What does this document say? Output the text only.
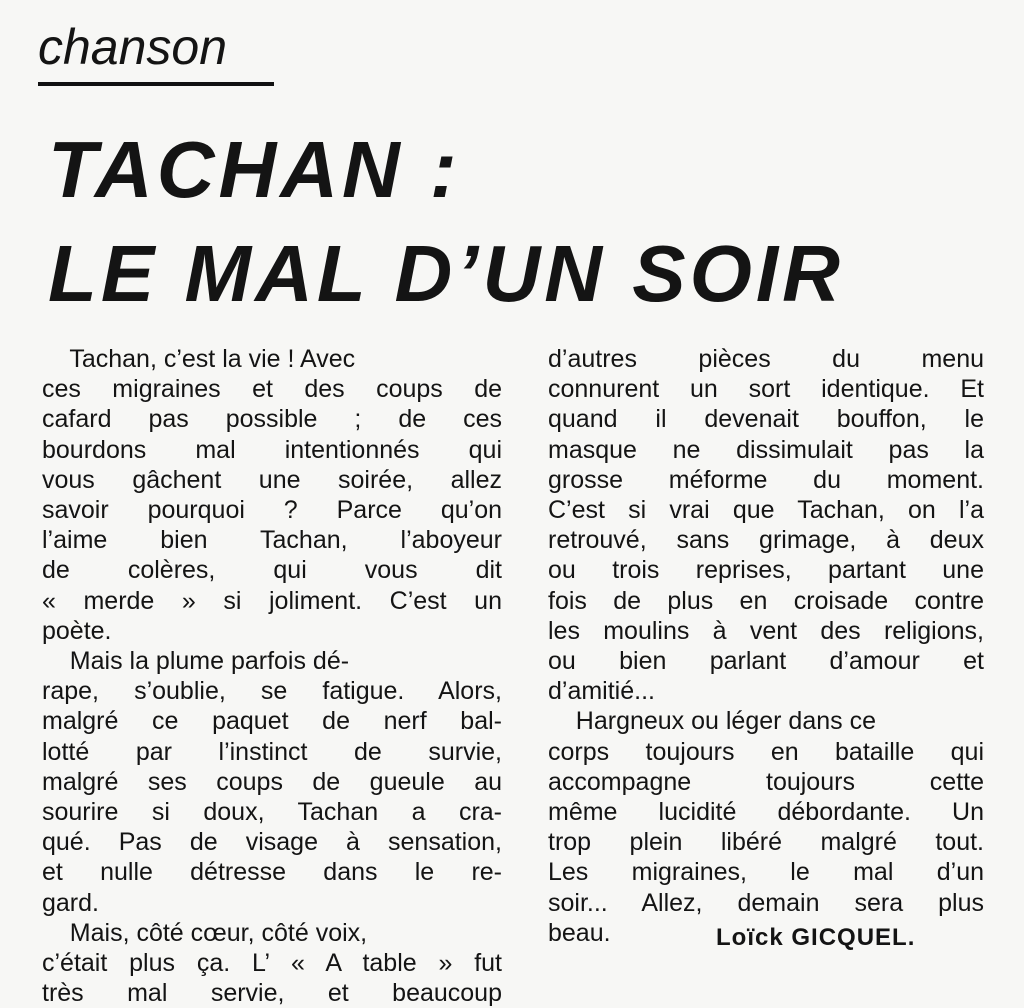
chanson
TACHAN :
LE MAL D’UN SOIR
Tachan, c’est la vie ! Avec
ces migraines et des coups de
cafard pas possible ; de ces
bourdons mal intentionnés qui
vous gâchent une soirée, allez
savoir pourquoi ? Parce qu’on
l’aime bien Tachan, l’aboyeur
de colères, qui vous dit
« merde » si joliment. C’est un
poète.
Mais la plume parfois dé-
rape, s’oublie, se fatigue. Alors,
malgré ce paquet de nerf bal-
lotté par l’instinct de survie,
malgré ses coups de gueule au
sourire si doux, Tachan a cra-
qué. Pas de visage à sensation,
et nulle détresse dans le re-
gard.
Mais, côté cœur, côté voix,
c’était plus ça. L’ « A table » fut
très mal servie, et beaucoup
d’autres pièces du menu
connurent un sort identique. Et
quand il devenait bouffon, le
masque ne dissimulait pas la
grosse méforme du moment.
C’est si vrai que Tachan, on l’a
retrouvé, sans grimage, à deux
ou trois reprises, partant une
fois de plus en croisade contre
les moulins à vent des religions,
ou bien parlant d’amour et
d’amitié...
Hargneux ou léger dans ce
corps toujours en bataille qui
accompagne toujours cette
même lucidité débordante. Un
trop plein libéré malgré tout.
Les migraines, le mal d’un
soir... Allez, demain sera plus
beau.	Loïck GICQUEL.
